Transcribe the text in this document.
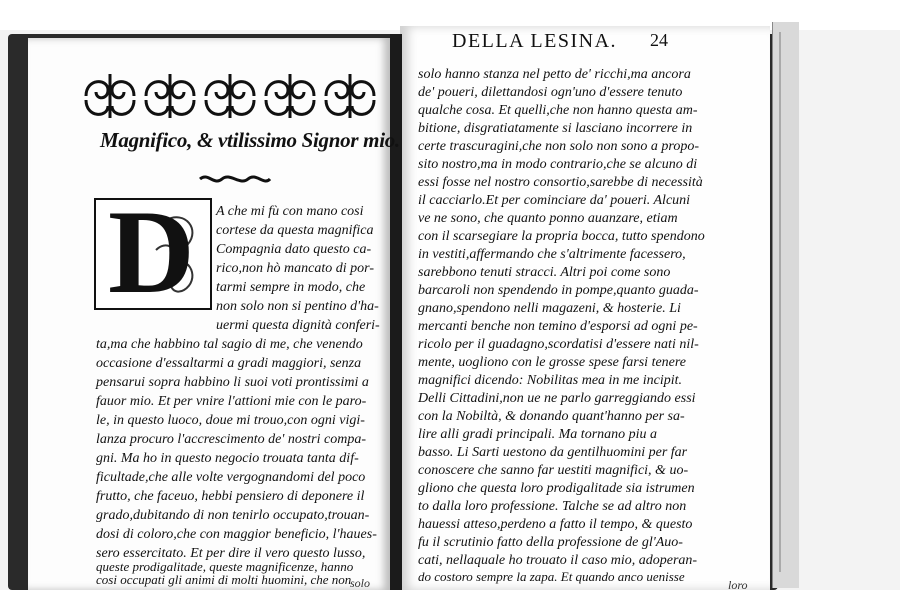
Magnifico, & vtilissimo Signor mio.
D A che mi fù con mano cosi
cortese da questa magnifica
Compagnia dato questo ca-
rico,non hò mancato di por-
tarmi sempre in modo, che
non solo non si pentino d'ha-
uermi questa dignità conferi-
ta,ma che habbino tal sagio di me, che venendo
occasione d'essaltarmi a gradi maggiori, senza
pensarui sopra habbino li suoi voti prontissimi a
fauor mio. Et per vnire l'attioni mie con le paro-
le, in questo luoco, doue mi trouo,con ogni vigi-
lanza procuro l'accrescimento de' nostri compa-
gni. Ma ho in questo negocio trouata tanta dif-
ficultade,che alle volte vergognandomi del poco
frutto, che faceuo, hebbi pensiero di deponere il
grado,dubitando di non tenirlo occupato,trouan-
dosi di coloro,che con maggior beneficio, l'haues-
sero essercitato. Et per dire il vero questo lusso,
queste prodigalitade, queste magnificenze, hanno
cosi occupati gli animi di molti huomini, che non
solo
DELLA LESINA. 24
solo hanno stanza nel petto de' ricchi,ma ancora
de' poueri, dilettandosi ogn'uno d'essere tenuto
qualche cosa. Et quelli,che non hanno questa am-
bitione, disgratiatamente si lasciano incorrere in
certe trascuragini,che non solo non sono a propo-
sito nostro,ma in modo contrario,che se alcuno di
essi fosse nel nostro consortio,sarebbe di necessità
il cacciarlo.Et per cominciare da' poueri. Alcuni
ve ne sono, che quanto ponno auanzare, etiam
con il scarsegiare la propria bocca, tutto spendono
in vestiti,affermando che s'altrimente facessero,
sarebbono tenuti stracci. Altri poi come sono
barcaroli non spendendo in pompe,quanto guada-
gnano,spendono nelli magazeni, & hosterie. Li
mercanti benche non temino d'esporsi ad ogni pe-
ricolo per il guadagno,scordatisi d'essere nati nil-
mente, uogliono con le grosse spese farsi tenere
magnifici dicendo: Nobilitas mea in me incipit.
Delli Cittadini,non ue ne parlo garreggiando essi
con la Nobiltà, & donando quant'hanno per sa-
lire alli gradi principali. Ma tornano piu a
basso. Li Sarti uestono da gentilhuomini per far
conoscere che sanno far uestiti magnifici, & uo-
gliono che questa loro prodigalitade sia istrumen
to dalla loro professione. Talche se ad altro non
hauessi atteso,perdeno a fatto il tempo, & questo
fu il scrutinio fatto della professione de gl'Auo-
cati, nellaquale ho trouato il caso mio, adoperan-
do costoro sempre la zapa. Et quando anco uenisse
loro
